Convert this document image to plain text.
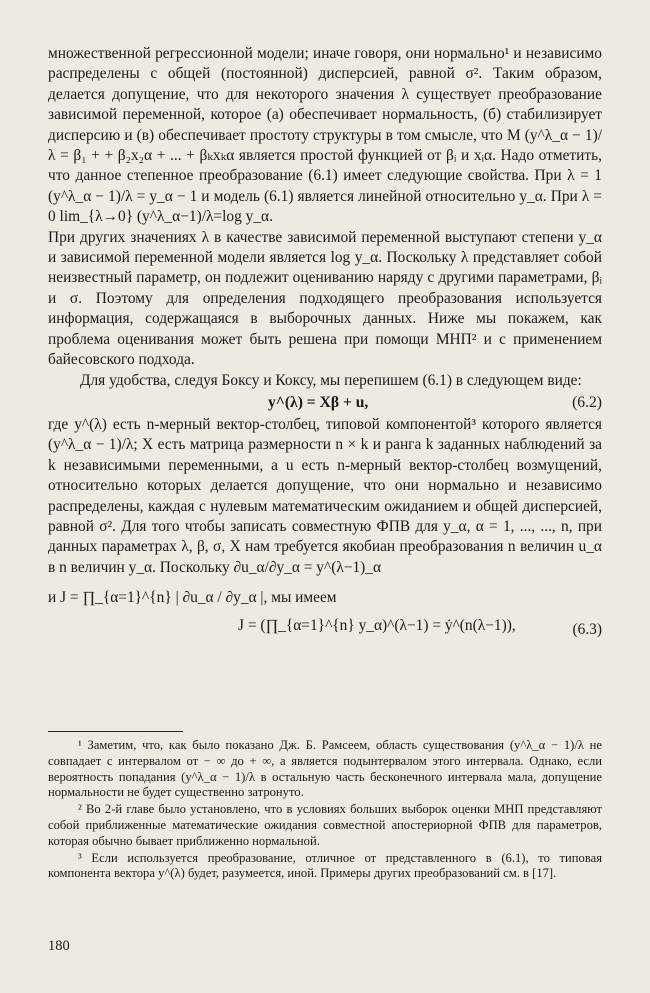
множественной регрессионной модели; иначе говоря, они нормально¹ и независимо распределены с общей (постоянной) дисперсией, равной σ². Таким образом, делается допущение, что для некоторого значения λ существует преобразование зависимой переменной, которое (a) обеспечивает нормальность, (б) стабилизирует дисперсию и (в) обеспечивает простоту структуры в том смысле, что M (y^λ_α − 1)/λ = β₁ + + β₂x₂α + ... + βₖxₖα является простой функцией от βᵢ и xᵢα. Надо отметить, что данное степенное преобразование (6.1) имеет следующие свойства. При λ = 1 (y^λ_α − 1)/λ = y_α − 1 и модель (6.1) является линейной относительно y_α. При λ = 0 lim_{λ→0} (y^λ_α−1)/λ=log y_α.

При других значениях λ в качестве зависимой переменной выступают степени y_α и зависимой переменной модели является log y_α. Поскольку λ представляет собой неизвестный параметр, он подлежит оцениванию наряду с другими параметрами, βᵢ и σ. Поэтому для определения подходящего преобразования используется информация, содержащаяся в выборочных данных. Ниже мы покажем, как проблема оценивания может быть решена при помощи МНП² и с применением байесовского подхода.

Для удобства, следуя Боксу и Коксу, мы перепишем (6.1) в следующем виде:

y^(λ) = Xβ + u,	(6.2)

где y^(λ) есть n-мерный вектор-столбец, типовой компонентой³ которого является (y^λ_α − 1)/λ; X есть матрица размерности n × k и ранга k заданных наблюдений за k независимыми переменными, а u есть n-мерный вектор-столбец возмущений, относительно которых делается допущение, что они нормально и независимо распределены, каждая с нулевым математическим ожиданием и общей дисперсией, равной σ². Для того чтобы записать совместную ФПВ для y_α, α = 1, ..., ..., n, при данных параметрах λ, β, σ, X нам требуется якобиан преобразования n величин u_α в n величин y_α. Поскольку ∂u_α/∂y_α = y^(λ−1)_α

и J = ∏_{α=1}^{n} | ∂u_α / ∂y_α |, мы имеем
J = (∏_{α=1}^{n} y_α)^(λ−1) = ẏ^(n(λ−1)),	(6.3)

¹ Заметим, что, как было показано Дж. Б. Рамсеем, область существования (y^λ_α − 1)/λ не совпадает с интервалом от − ∞ до + ∞, а является подынтервалом этого интервала. Однако, если вероятность попадания (y^λ_α − 1)/λ в остальную часть бесконечного интервала мала, допущение нормальности не будет существенно затронуто.

² Во 2-й главе было установлено, что в условиях больших выборок оценки МНП представляют собой приближенные математические ожидания совместной апостериорной ФПВ для параметров, которая обычно бывает приближенно нормальной.

³ Если используется преобразование, отличное от представленного в (6.1), то типовая компонента вектора y^(λ) будет, разумеется, иной. Примеры других преобразований см. в [17].

180
